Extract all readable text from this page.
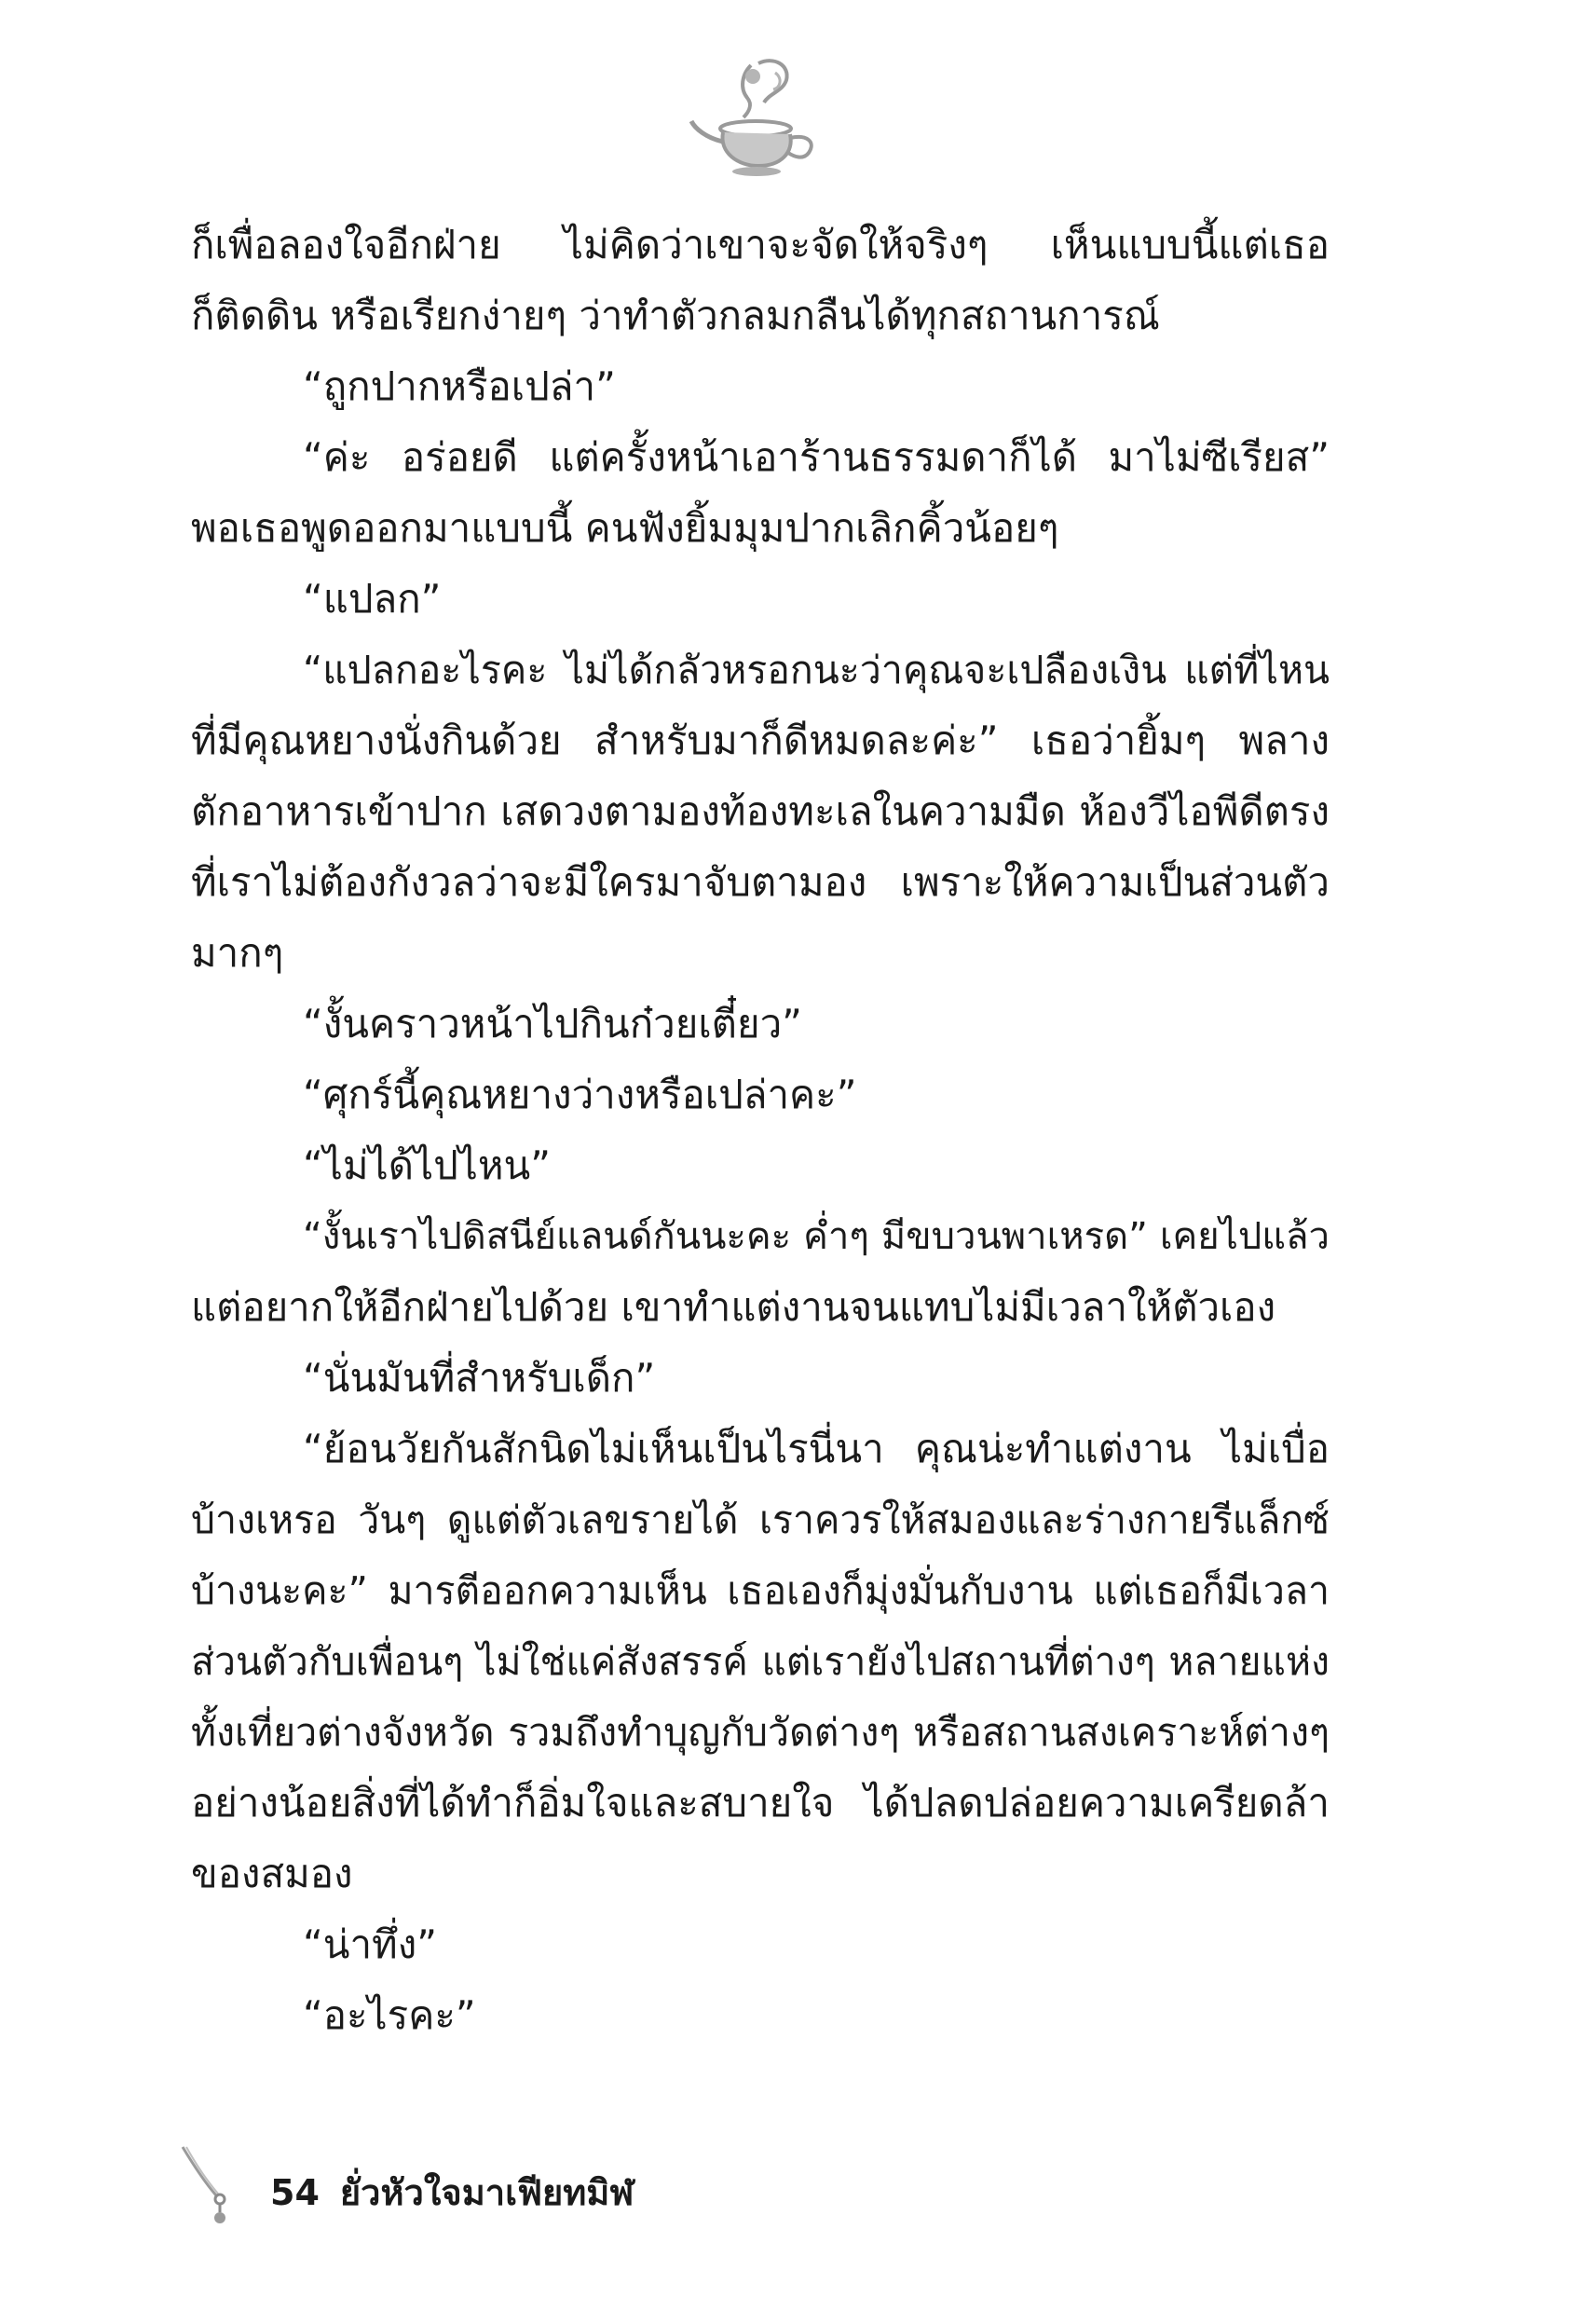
ก็เพื่อลองใจอีกฝ่าย ไม่คิดว่าเขาจะจัดให้จริงๆ เห็นแบบนี้แต่เธอ
ก็ติดดิน หรือเรียกง่ายๆ ว่าทำตัวกลมกลืนได้ทุกสถานการณ์
“ถูกปากหรือเปล่า”
“ค่ะ อร่อยดี แต่ครั้งหน้าเอาร้านธรรมดาก็ได้ มาไม่ซีเรียส”
พอเธอพูดออกมาแบบนี้ คนฟังยิ้มมุมปากเลิกคิ้วน้อยๆ
“แปลก”
“แปลกอะไรคะ ไม่ได้กลัวหรอกนะว่าคุณจะเปลืองเงิน แต่ที่ไหน
ที่มีคุณหยางนั่งกินด้วย สำหรับมาก็ดีหมดละค่ะ” เธอว่ายิ้มๆ พลาง
ตักอาหารเข้าปาก เสดวงตามองท้องทะเลในความมืด ห้องวีไอพีดีตรง
ที่เราไม่ต้องกังวลว่าจะมีใครมาจับตามอง เพราะให้ความเป็นส่วนตัว
มากๆ
“งั้นคราวหน้าไปกินก๋วยเตี๋ยว”
“ศุกร์นี้คุณหยางว่างหรือเปล่าคะ”
“ไม่ได้ไปไหน”
“งั้นเราไปดิสนีย์แลนด์กันนะคะ ค่ำๆ มีขบวนพาเหรด” เคยไปแล้ว
แต่อยากให้อีกฝ่ายไปด้วย เขาทำแต่งานจนแทบไม่มีเวลาให้ตัวเอง
“นั่นมันที่สำหรับเด็ก”
“ย้อนวัยกันสักนิดไม่เห็นเป็นไรนี่นา คุณน่ะทำแต่งาน ไม่เบื่อ
บ้างเหรอ วันๆ ดูแต่ตัวเลขรายได้ เราควรให้สมองและร่างกายรีแล็กซ์
บ้างนะคะ” มารตีออกความเห็น เธอเองก็มุ่งมั่นกับงาน แต่เธอก็มีเวลา
ส่วนตัวกับเพื่อนๆ ไม่ใช่แค่สังสรรค์ แต่เรายังไปสถานที่ต่างๆ หลายแห่ง
ทั้งเที่ยวต่างจังหวัด รวมถึงทำบุญกับวัดต่างๆ หรือสถานสงเคราะห์ต่างๆ
อย่างน้อยสิ่งที่ได้ทำก็อิ่มใจและสบายใจ ได้ปลดปล่อยความเครียดล้า
ของสมอง
“น่าทึ่ง”
“อะไรคะ”
54 ยั่วหัวใจมาเฟียทมิฬ
